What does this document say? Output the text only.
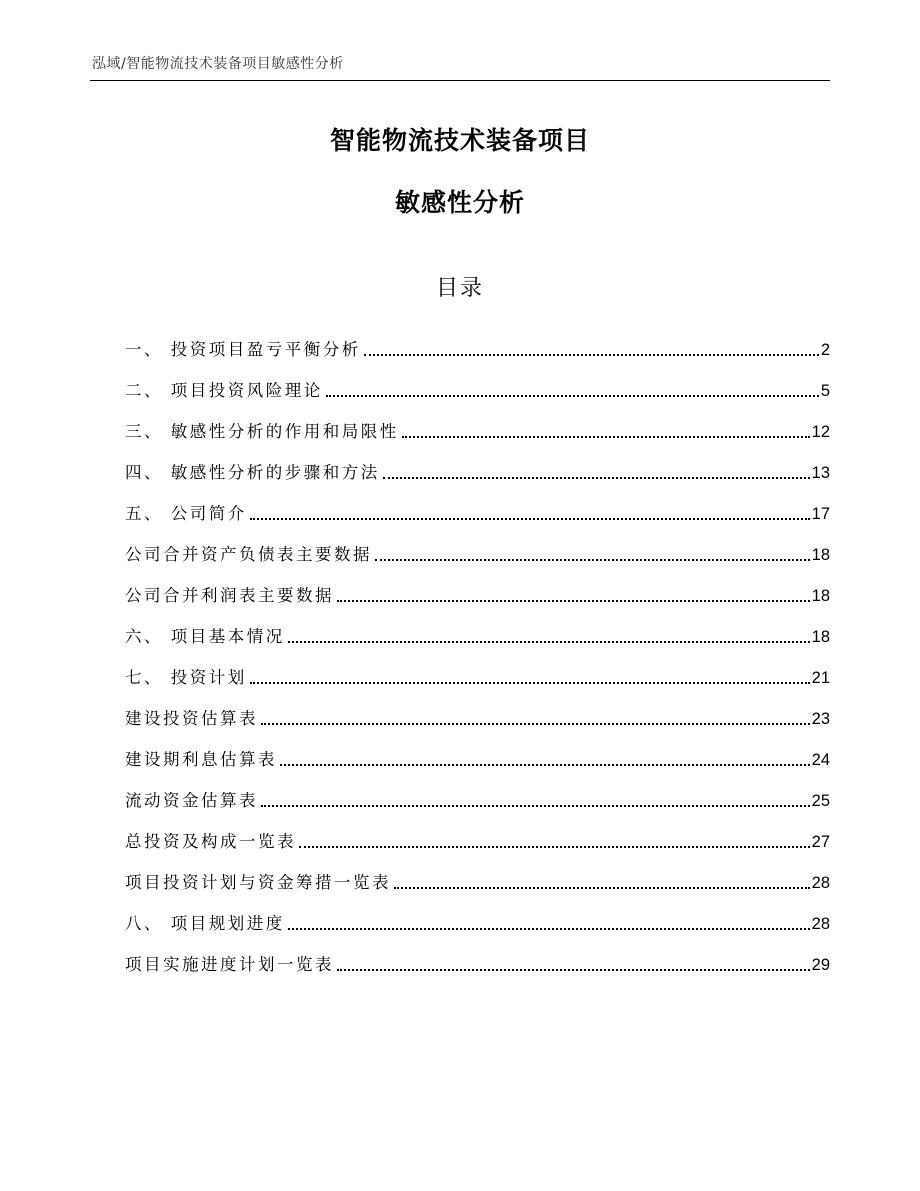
泓域/智能物流技术装备项目敏感性分析
智能物流技术装备项目
敏感性分析
目录
一、 投资项目盈亏平衡分析	2
二、 项目投资风险理论	5
三、 敏感性分析的作用和局限性	12
四、 敏感性分析的步骤和方法	13
五、 公司简介	17
公司合并资产负债表主要数据	18
公司合并利润表主要数据	18
六、 项目基本情况	18
七、 投资计划	21
建设投资估算表	23
建设期利息估算表	24
流动资金估算表	25
总投资及构成一览表	27
项目投资计划与资金筹措一览表	28
八、 项目规划进度	28
项目实施进度计划一览表	29
